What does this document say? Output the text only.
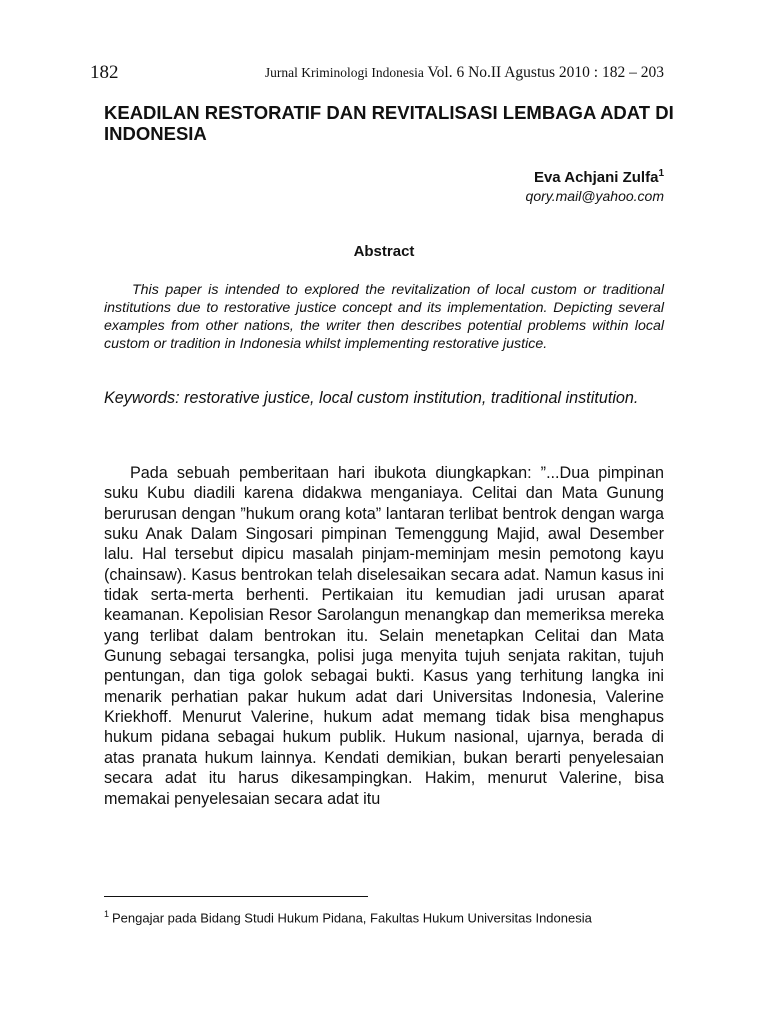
182	Jurnal Kriminologi Indonesia Vol. 6 No.II Agustus 2010 : 182 – 203
KEADILAN RESTORATIF DAN REVITALISASI LEMBAGA ADAT DI INDONESIA
Eva Achjani Zulfa$^1$
qory.mail@yahoo.com
Abstract

This paper is intended to explored the revitalization of local custom or traditional institutions due to restorative justice concept and its implementation. Depicting several examples from other nations, the writer then describes potential problems within local custom or tradition in Indonesia whilst implementing restorative justice.

Keywords: restorative justice, local custom institution, traditional institution.

Pada sebuah pemberitaan hari ibukota diungkapkan: ”...Dua pimpinan suku Kubu diadili karena didakwa menganiaya. Celitai dan Mata Gunung berurusan dengan ”hukum orang kota” lantaran terlibat bentrok dengan warga suku Anak Dalam Singosari pimpinan Temenggung Majid, awal Desember lalu. Hal tersebut dipicu masalah pinjam-meminjam mesin pemotong kayu (chainsaw). Kasus bentrokan telah diselesaikan secara adat. Namun kasus ini tidak serta-merta berhenti. Pertikaian itu kemudian jadi urusan aparat keamanan. Kepolisian Resor Sarolangun menangkap dan memeriksa mereka yang terlibat dalam bentrokan itu. Selain menetapkan Celitai dan Mata Gunung sebagai tersangka, polisi juga menyita tujuh senjata rakitan, tujuh pentungan, dan tiga golok sebagai bukti. Kasus yang terhitung langka ini menarik perhatian pakar hukum adat dari Universitas Indonesia, Valerine Kriekhoff. Menurut Valerine, hukum adat memang tidak bisa menghapus hukum pidana sebagai hukum publik. Hukum nasional, ujarnya, berada di atas pranata hukum lainnya. Kendati demikian, bukan berarti penyelesaian secara adat itu harus dikesampingkan. Hakim, menurut Valerine, bisa memakai penyelesaian secara adat itu

$^1$ Pengajar pada Bidang Studi Hukum Pidana, Fakultas Hukum Universitas Indonesia
